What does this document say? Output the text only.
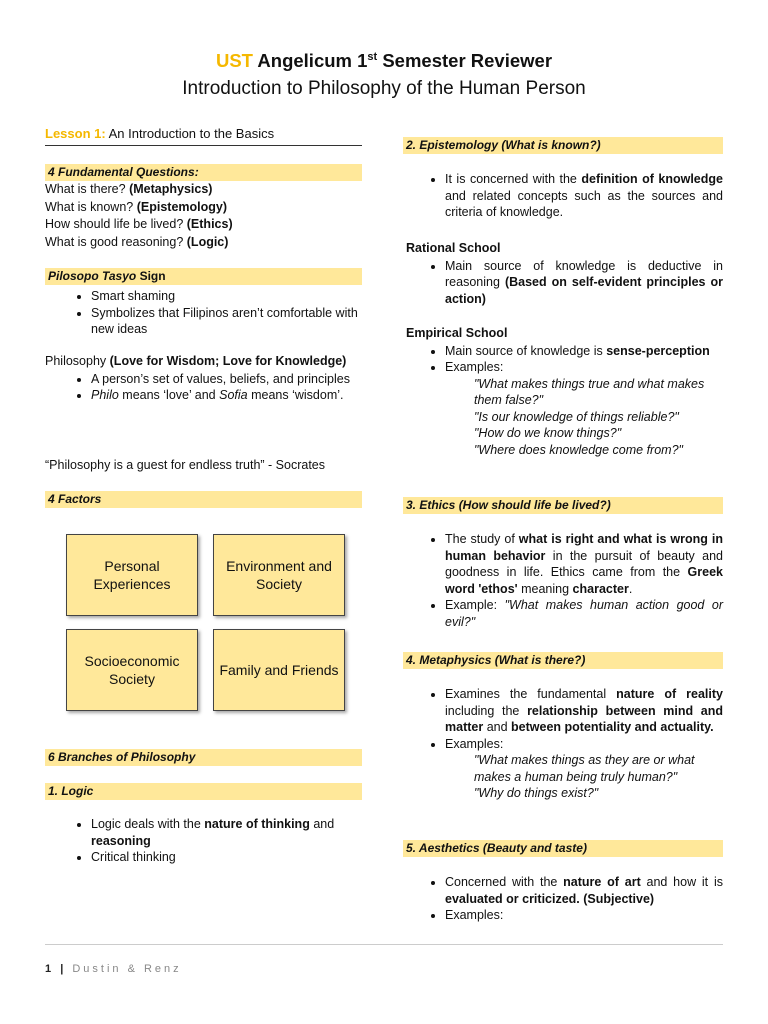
UST Angelicum 1st Semester Reviewer
Introduction to Philosophy of the Human Person
Lesson 1: An Introduction to the Basics
4 Fundamental Questions:
What is there? (Metaphysics)
What is known? (Epistemology)
How should life be lived? (Ethics)
What is good reasoning? (Logic)
Pilosopo Tasyo Sign
• Smart shaming
• Symbolizes that Filipinos aren’t comfortable with new ideas
Philosophy (Love for Wisdom; Love for Knowledge)
• A person’s set of values, beliefs, and principles
• Philo means ‘love’ and Sofia means ‘wisdom’.
“Philosophy is a guest for endless truth” - Socrates
4 Factors
Personal Experiences
Environment and Society
Socioeconomic Society
Family and Friends
6 Branches of Philosophy
1. Logic
• Logic deals with the nature of thinking and reasoning
• Critical thinking
2. Epistemology (What is known?)
• It is concerned with the definition of knowledge and related concepts such as the sources and criteria of knowledge.
Rational School
• Main source of knowledge is deductive in reasoning (Based on self-evident principles or action)
Empirical School
• Main source of knowledge is sense-perception
• Examples:
"What makes things true and what makes them false?"
"Is our knowledge of things reliable?"
"How do we know things?"
"Where does knowledge come from?"
3. Ethics (How should life be lived?)
• The study of what is right and what is wrong in human behavior in the pursuit of beauty and goodness in life. Ethics came from the Greek word 'ethos' meaning character.
• Example: "What makes human action good or evil?"
4. Metaphysics (What is there?)
• Examines the fundamental nature of reality including the relationship between mind and matter and between potentiality and actuality.
• Examples:
"What makes things as they are or what makes a human being truly human?"
"Why do things exist?"
5. Aesthetics (Beauty and taste)
• Concerned with the nature of art and how it is evaluated or criticized. (Subjective)
• Examples:
1 | Dustin & Renz
